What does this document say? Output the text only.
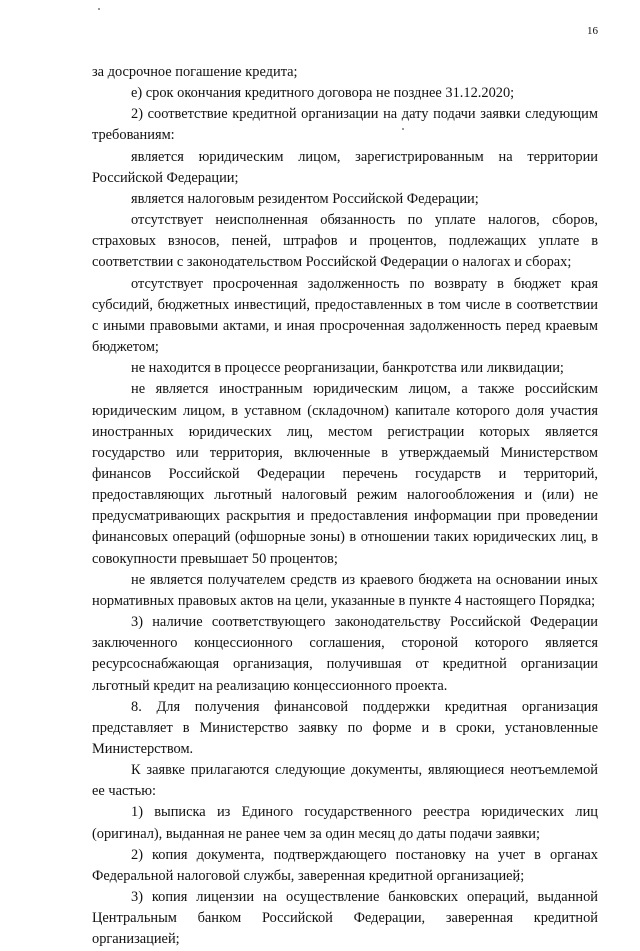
16

за досрочное погашение кредита;

е) срок окончания кредитного договора не позднее 31.12.2020;

2) соответствие кредитной организации на дату подачи заявки следующим требованиям:

является юридическим лицом, зарегистрированным на территории Российской Федерации;

является налоговым резидентом Российской Федерации;

отсутствует неисполненная обязанность по уплате налогов, сборов, страховых взносов, пеней, штрафов и процентов, подлежащих уплате в соответствии с законодательством Российской Федерации о налогах и сборах;

отсутствует просроченная задолженность по возврату в бюджет края субсидий, бюджетных инвестиций, предоставленных в том числе в соответствии с иными правовыми актами, и иная просроченная задолженность перед краевым бюджетом;

не находится в процессе реорганизации, банкротства или ликвидации;

не является иностранным юридическим лицом, а также российским юридическим лицом, в уставном (складочном) капитале которого доля участия иностранных юридических лиц, местом регистрации которых является государство или территория, включенные в утверждаемый Министерством финансов Российской Федерации перечень государств и территорий, предоставляющих льготный налоговый режим налогообложения и (или) не предусматривающих раскрытия и предоставления информации при проведении финансовых операций (офшорные зоны) в отношении таких юридических лиц, в совокупности превышает 50 процентов;

не является получателем средств из краевого бюджета на основании иных нормативных правовых актов на цели, указанные в пункте 4 настоящего Порядка;

3) наличие соответствующего законодательству Российской Федерации заключенного концессионного соглашения, стороной которого является ресурсоснабжающая организация, получившая от кредитной организации льготный кредит на реализацию концессионного проекта.

8. Для получения финансовой поддержки кредитная организация представляет в Министерство заявку по форме и в сроки, установленные Министерством.

К заявке прилагаются следующие документы, являющиеся неотъемлемой ее частью:

1) выписка из Единого государственного реестра юридических лиц (оригинал), выданная не ранее чем за один месяц до даты подачи заявки;

2) копия документа, подтверждающего постановку на учет в органах Федеральной налоговой службы, заверенная кредитной организацией;

3) копия лицензии на осуществление банковских операций, выданной Центральным банком Российской Федерации, заверенная кредитной организацией;
